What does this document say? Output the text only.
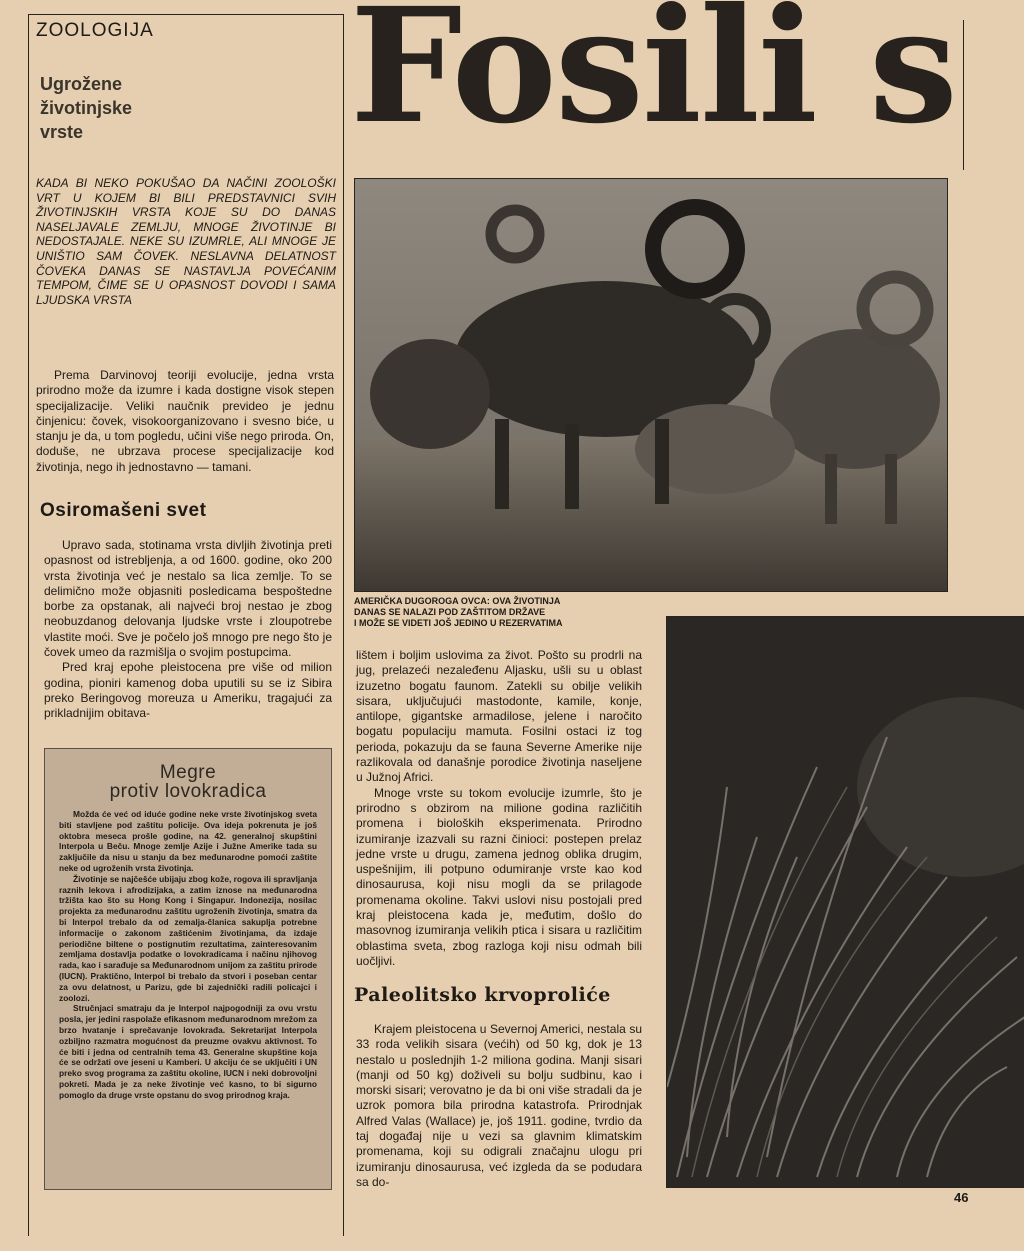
ZOOLOGIJA
Ugrožene
životinjske
vrste	Fosili s

KADA BI NEKO POKUŠAO DA NAČINI ZOOLOŠKI VRT U KOJEM BI BILI PREDSTAVNICI SVIH ŽIVOTINJSKIH VRSTA KOJE SU DO DANAS NASELJAVALE ZEMLJU, MNOGE ŽIVOTINJE BI NEDOSTAJALE. NEKE SU IZUMRLE, ALI MNOGE JE UNIŠTIO SAM ČOVEK. NESLAVNA DELATNOST ČOVEKA DANAS SE NASTAVLJA POVEĆANIM TEMPOM, ČIME SE U OPASNOST DOVODI I SAMA LJUDSKA VRSTA

Prema Darvinovoj teoriji evolucije, jedna vrsta prirodno može da izumre i kada dostigne visok stepen specijalizacije. Veliki naučnik prevideo je jednu činjenicu: čovek, visokoorganizovano i svesno biće, u stanju je da, u tom pogledu, učini više nego priroda. On, doduše, ne ubrzava procese specijalizacije kod životinja, nego ih jednostavno — tamani.

Osiromašeni svet

Upravo sada, stotinama vrsta divljih životinja preti opasnost od istrebljenja, a od 1600. godine, oko 200 vrsta životinja već je nestalo sa lica zemlje. To se delimično može objasniti posledicama bespoštedne borbe za opstanak, ali najveći broj nestao je zbog neobuzdanog delovanja ljudske vrste i zloupotrebe vlastite moći. Sve je počelo još mnogo pre nego što je čovek umeo da razmišlja o svojim postupcima.

Pred kraj epohe pleistocena pre više od milion godina, pioniri kamenog doba uputili su se iz Sibira preko Beringovog moreuza u Ameriku, tragajući za prikladnijim obitava-

Megre
protiv lovokradica

Možda će već od iduće godine neke vrste životinjskog sveta biti stavljene pod zaštitu policije. Ova ideja pokrenuta je još oktobra meseca prošle godine, na 42. generalnoj skupštini Interpola u Beču. Mnoge zemlje Azije i Južne Amerike tada su zaključile da nisu u stanju da bez međunarodne pomoći zaštite neke od ugroženih vrsta životinja.

Životinje se najčešće ubijaju zbog kože, rogova ili spravljanja raznih lekova i afrodizijaka, a zatim iznose na međunarodna tržišta kao što su Hong Kong i Singapur. Indonezija, nosilac projekta za međunarodnu zaštitu ugroženih životinja, smatra da bi Interpol trebalo da od zemalja-članica sakuplja potrebne informacije o zakonom zaštićenim životinjama, da izdaje periodične biltene o postignutim rezultatima, zainteresovanim zemljama dostavlja podatke o lovokradicama i načinu njihovog rada, kao i sarađuje sa Međunarodnom unijom za zaštitu prirode (IUCN). Praktično, Interpol bi trebalo da stvori i poseban centar za ovu delatnost, u Parizu, gde bi zajednički radili policajci i zoolozi.

Stručnjaci smatraju da je Interpol najpogodniji za ovu vrstu posla, jer jedini raspolaže efikasnom međunarodnom mrežom za brzo hvatanje i sprečavanje lovokrađa. Sekretarijat Interpola ozbiljno razmatra mogućnost da preuzme ovakvu aktivnost. To će biti i jedna od centralnih tema 43. Generalne skupštine koja će se održati ove jeseni u Kamberi. U akciju će se uključiti i UN preko svog programa za zaštitu okoline, IUCN i neki dobrovoljni pokreti. Mada je za neke životinje već kasno, to bi sigurno pomoglo da druge vrste opstanu do svog prirodnog kraja.

AMERIČKA DUGOROGA OVCA: OVA ŽIVOTINJA
DANAS SE NALAZI POD ZAŠTITOM DRŽAVE
I MOŽE SE VIDETI JOŠ JEDINO U REZERVATIMA

lištem i boljim uslovima za život. Pošto su prodrli na jug, prelazeći nezaleđenu Aljasku, ušli su u oblast izuzetno bogatu faunom. Zatekli su obilje velikih sisara, uključujući mastodonte, kamile, konje, antilope, gigantske armadilose, jelene i naročito bogatu populaciju mamuta. Fosilni ostaci iz tog perioda, pokazuju da se fauna Severne Amerike nije razlikovala od današnje porodice životinja naseljene u Južnoj Africi.

Mnoge vrste su tokom evolucije izumrle, što je prirodno s obzirom na milione godina različitih promena i bioloških eksperimenata. Prirodno izumiranje izazvali su razni činioci: postepen prelaz jedne vrste u drugu, zamena jednog oblika drugim, uspešnijim, ili potpuno odumiranje vrste kao kod dinosaurusa, koji nisu mogli da se prilagode promenama okoline. Takvi uslovi nisu postojali pred kraj pleistocena kada je, međutim, došlo do masovnog izumiranja velikih ptica i sisara u različitim oblastima sveta, zbog razloga koji nisu odmah bili uočljivi.

Paleolitsko krvoproliće

Krajem pleistocena u Severnoj Americi, nestala su 33 roda velikih sisara (većih) od 50 kg, dok je 13 nestalo u poslednjih 1-2 miliona godina. Manji sisari (manji od 50 kg) doživeli su bolju sudbinu, kao i morski sisari; verovatno je da bi oni više stradali da je uzrok pomora bila prirodna katastrofa. Prirodnjak Alfred Valas (Wallace) je, još 1911. godine, tvrdio da taj događaj nije u vezi sa glavnim klimatskim promenama, koji su odigrali značajnu ulogu pri izumiranju dinosaurusa, već izgleda da se podudara sa do-

46
